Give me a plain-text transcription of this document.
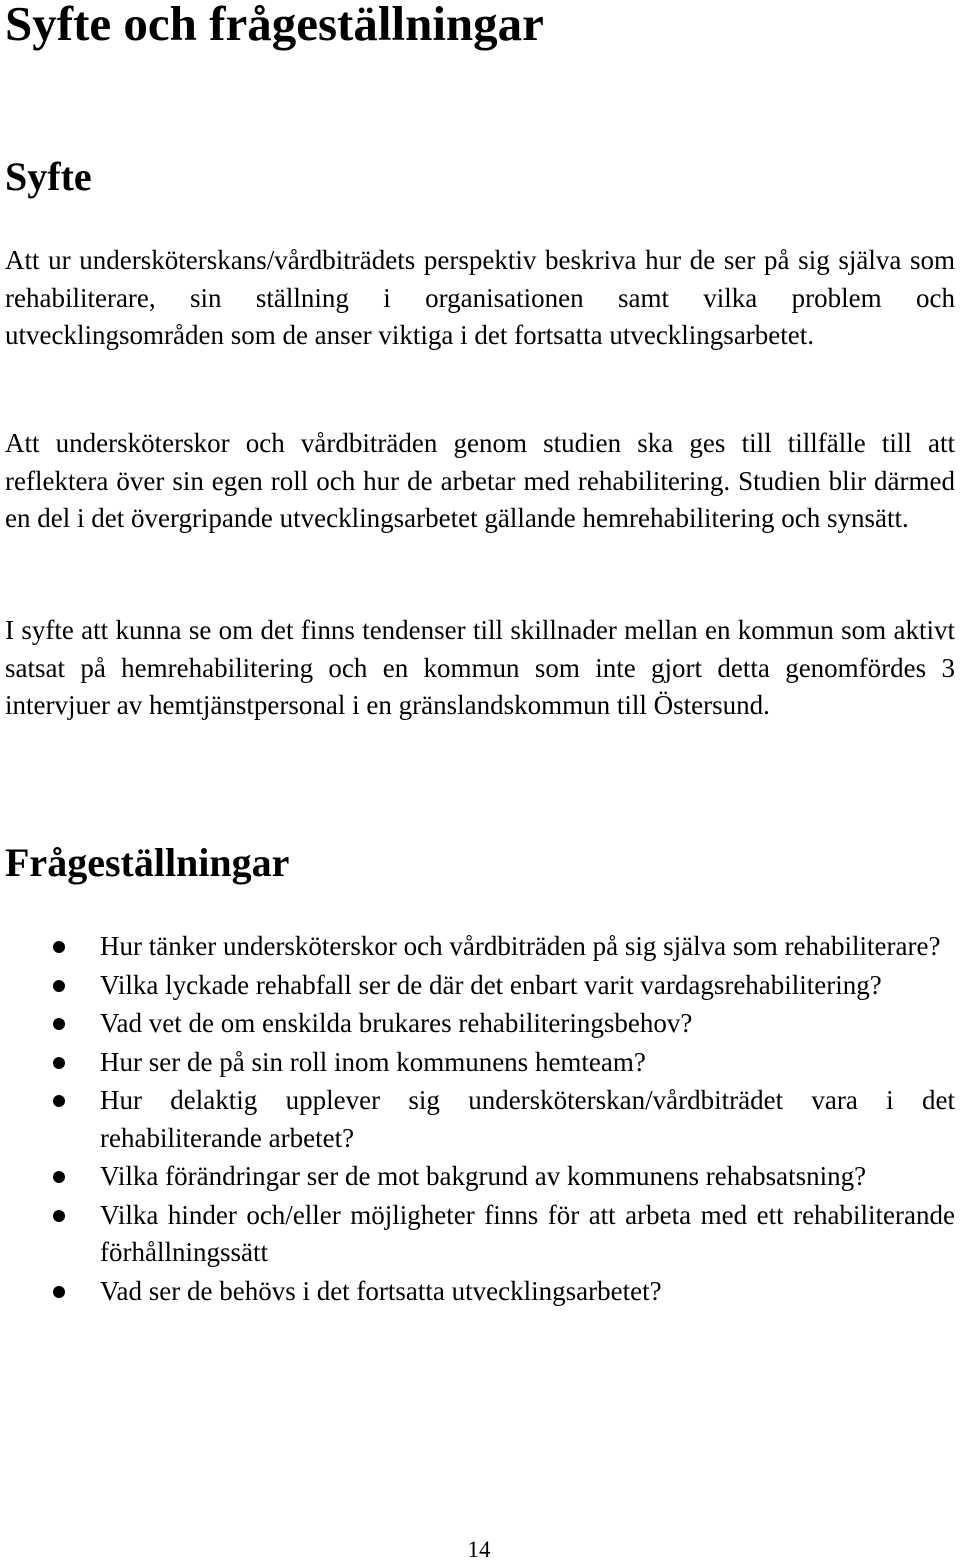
Syfte och frågeställningar
Syfte

Att ur undersköterskans/vårdbiträdets perspektiv beskriva hur de ser på sig själva som rehabiliterare, sin ställning i organisationen samt vilka problem och utvecklingsområden som de anser viktiga i det fortsatta utvecklingsarbetet.

Att undersköterskor och vårdbiträden genom studien ska ges till tillfälle till att reflektera över sin egen roll och hur de arbetar med rehabilitering. Studien blir därmed en del i det övergripande utvecklingsarbetet gällande hemrehabilitering och synsätt.

I syfte att kunna se om det finns tendenser till skillnader mellan en kommun som aktivt satsat på hemrehabilitering och en kommun som inte gjort detta genomfördes 3 intervjuer av hemtjänstpersonal i en gränslandskommun till Östersund.

Frågeställningar
Hur tänker undersköterskor och vårdbiträden på sig själva som rehabiliterare?
Vilka lyckade rehabfall ser de där det enbart varit vardagsrehabilitering?
Vad vet de om enskilda brukares rehabiliteringsbehov?
Hur ser de på sin roll inom kommunens hemteam?
Hur delaktig upplever sig undersköterskan/vårdbiträdet vara i det rehabiliterande arbetet?
Vilka förändringar ser de mot bakgrund av kommunens rehabsatsning?
Vilka hinder och/eller möjligheter finns för att arbeta med ett rehabiliterande förhållningssätt
Vad ser de behövs i det fortsatta utvecklingsarbetet?
14
